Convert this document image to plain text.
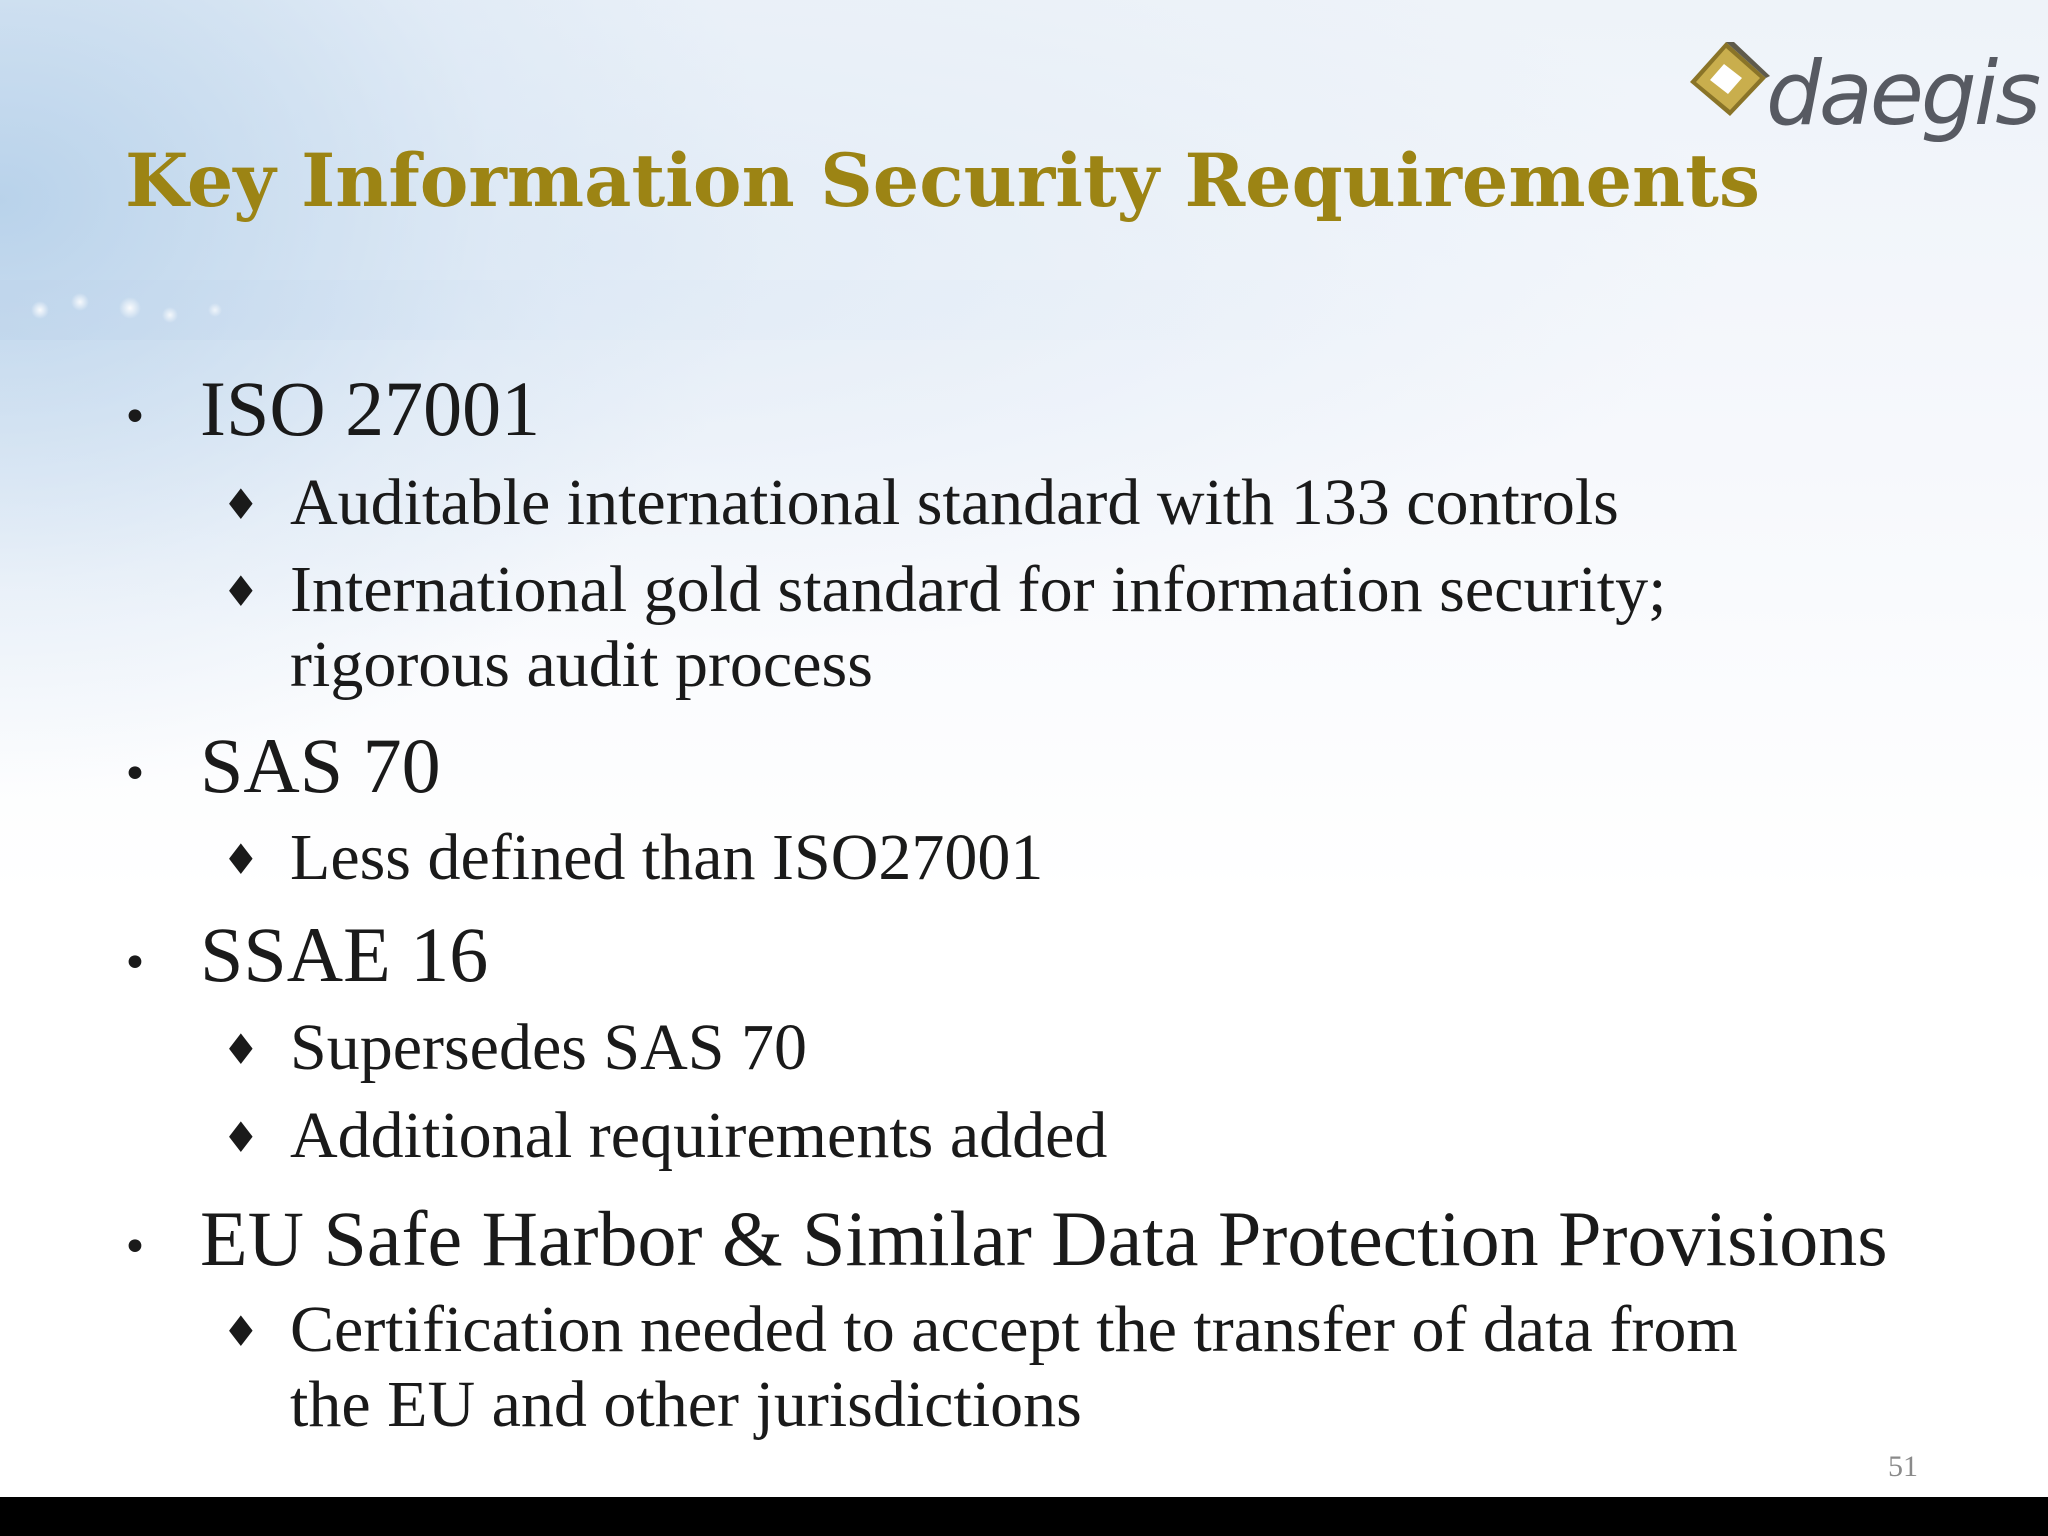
daegis
Key Information Security Requirements
• ISO 27001
♦ Auditable international standard with 133 controls
♦ International gold standard for information security;
rigorous audit process
• SAS 70
♦ Less defined than ISO27001
• SSAE 16
♦ Supersedes SAS 70
♦ Additional requirements added
• EU Safe Harbor & Similar Data Protection Provisions
♦ Certification needed to accept the transfer of data from
the EU and other jurisdictions
51
